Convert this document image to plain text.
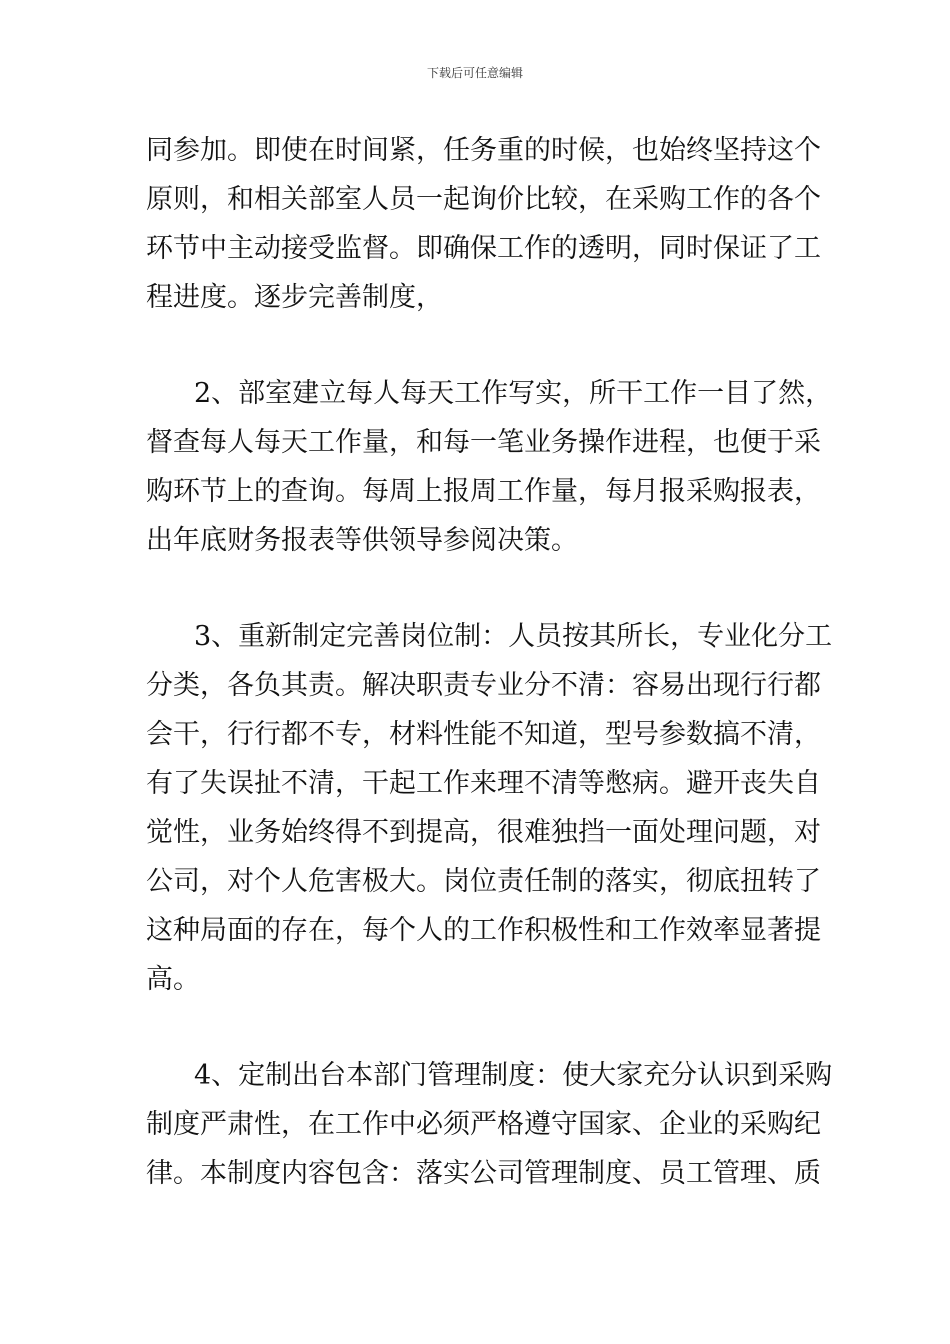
下载后可任意编辑
同参加。即使在时间紧，任务重的时候，也始终坚持这个
原则，和相关部室人员一起询价比较，在采购工作的各个
环节中主动接受监督。即确保工作的透明，同时保证了工
程进度。逐步完善制度，
2、部室建立每人每天工作写实，所干工作一目了然，
督查每人每天工作量，和每一笔业务操作进程，也便于采
购环节上的查询。每周上报周工作量，每月报采购报表，
出年底财务报表等供领导参阅决策。
3、重新制定完善岗位制：人员按其所长，专业化分工
分类，各负其责。解决职责专业分不清：容易出现行行都
会干，行行都不专，材料性能不知道，型号参数搞不清，
有了失误扯不清，干起工作来理不清等憋病。避开丧失自
觉性，业务始终得不到提高，很难独挡一面处理问题，对
公司，对个人危害极大。岗位责任制的落实，彻底扭转了
这种局面的存在，每个人的工作积极性和工作效率显著提
高。
4、定制出台本部门管理制度：使大家充分认识到采购
制度严肃性，在工作中必须严格遵守国家、企业的采购纪
律。本制度内容包含：落实公司管理制度、员工管理、质
